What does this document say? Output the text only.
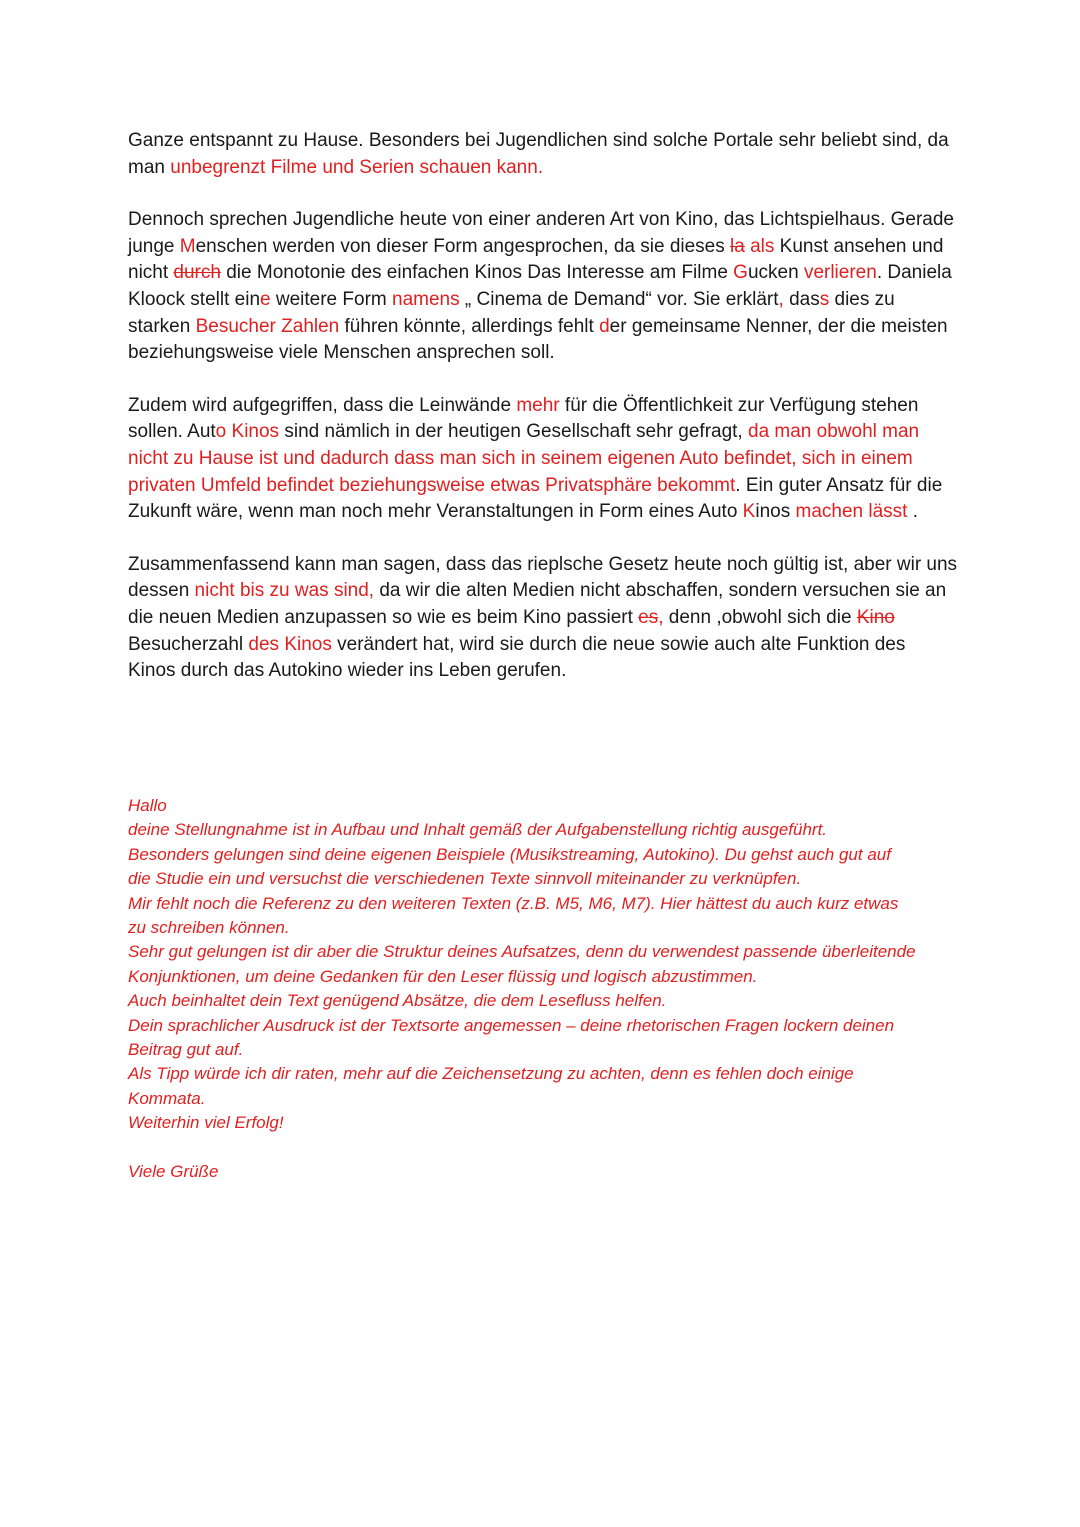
Ganze entspannt zu Hause. Besonders bei Jugendlichen sind solche Portale sehr beliebt sind, da man unbegrenzt Filme und Serien schauen kann.

Dennoch sprechen Jugendliche heute von einer anderen Art von Kino, das Lichtspielhaus. Gerade junge Menschen werden von dieser Form angesprochen, da sie dieses la als Kunst ansehen und nicht durch die Monotonie des einfachen Kinos Das Interesse am Filme Gucken verlieren. Daniela Kloock stellt eine weitere Form namens „ Cinema de Demand“ vor. Sie erklärt, dass dies zu starken Besucher Zahlen führen könnte, allerdings fehlt der gemeinsame Nenner, der die meisten beziehungsweise viele Menschen ansprechen soll.

Zudem wird aufgegriffen, dass die Leinwände mehr für die Öffentlichkeit zur Verfügung stehen sollen. Auto Kinos sind nämlich in der heutigen Gesellschaft sehr gefragt, da man obwohl man nicht zu Hause ist und dadurch dass man sich in seinem eigenen Auto befindet, sich in einem privaten Umfeld befindet beziehungsweise etwas Privatsphäre bekommt. Ein guter Ansatz für die Zukunft wäre, wenn man noch mehr Veranstaltungen in Form eines Auto Kinos machen lässt .

Zusammenfassend kann man sagen, dass das rieplsche Gesetz heute noch gültig ist, aber wir uns dessen nicht bis zu was sind, da wir die alten Medien nicht abschaffen, sondern versuchen sie an die neuen Medien anzupassen so wie es beim Kino passiert es, denn ,obwohl sich die Kino Besucherzahl des Kinos verändert hat, wird sie durch die neue sowie auch alte Funktion des Kinos durch das Autokino wieder ins Leben gerufen.

Hallo
deine Stellungnahme ist in Aufbau und Inhalt gemäß der Aufgabenstellung richtig ausgeführt.
Besonders gelungen sind deine eigenen Beispiele (Musikstreaming, Autokino). Du gehst auch gut auf
die Studie ein und versuchst die verschiedenen Texte sinnvoll miteinander zu verknüpfen.
Mir fehlt noch die Referenz zu den weiteren Texten (z.B. M5, M6, M7). Hier hättest du auch kurz etwas
zu schreiben können.
Sehr gut gelungen ist dir aber die Struktur deines Aufsatzes, denn du verwendest passende überleitende
Konjunktionen, um deine Gedanken für den Leser flüssig und logisch abzustimmen.
Auch beinhaltet dein Text genügend Absätze, die dem Lesefluss helfen.
Dein sprachlicher Ausdruck ist der Textsorte angemessen – deine rhetorischen Fragen lockern deinen
Beitrag gut auf.
Als Tipp würde ich dir raten, mehr auf die Zeichensetzung zu achten, denn es fehlen doch einige
Kommata.
Weiterhin viel Erfolg!
Viele Grüße
